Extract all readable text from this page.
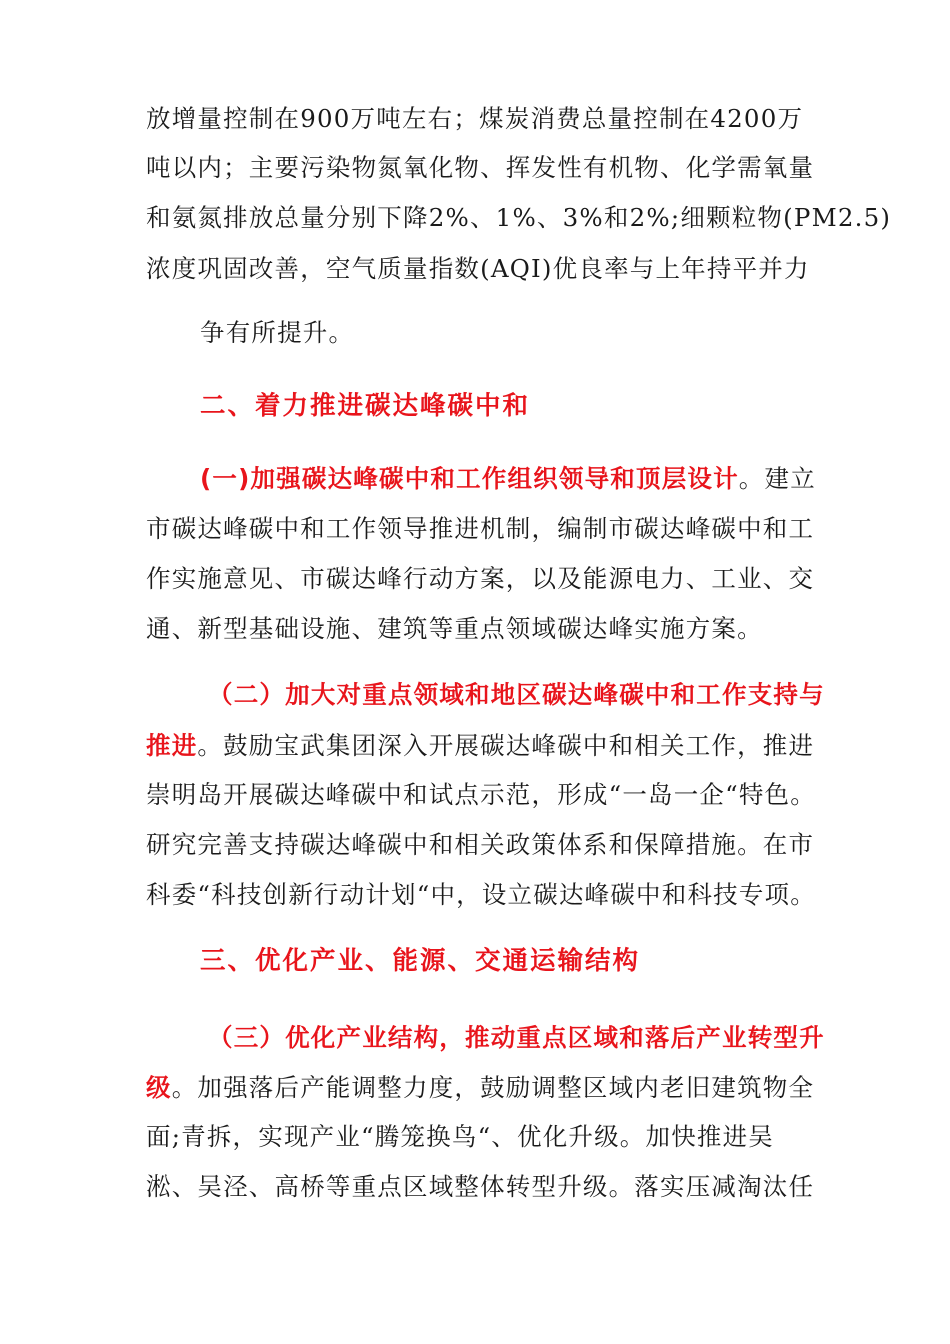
放增量控制在900万吨左右；煤炭消费总量控制在4200万
吨以内；主要污染物氮氧化物、挥发性有机物、化学需氧量
和氨氮排放总量分别下降2%、1%、3%和2%;细颗粒物(PM2.5)
浓度巩固改善，空气质量指数(AQI)优良率与上年持平并力
争有所提升。
二、着力推进碳达峰碳中和
(一)加强碳达峰碳中和工作组织领导和顶层设计。建立
市碳达峰碳中和工作领导推进机制，编制市碳达峰碳中和工
作实施意见、市碳达峰行动方案，以及能源电力、工业、交
通、新型基础设施、建筑等重点领域碳达峰实施方案。
（二）加大对重点领域和地区碳达峰碳中和工作支持与
推进。鼓励宝武集团深入开展碳达峰碳中和相关工作，推进
崇明岛开展碳达峰碳中和试点示范，形成“一岛一企“特色。
研究完善支持碳达峰碳中和相关政策体系和保障措施。在市
科委“科技创新行动计划“中，设立碳达峰碳中和科技专项。
三、优化产业、能源、交通运输结构
（三）优化产业结构，推动重点区域和落后产业转型升
级。加强落后产能调整力度，鼓励调整区域内老旧建筑物全
面;青拆，实现产业“腾笼换鸟“、优化升级。加快推进吴
淞、吴泾、高桥等重点区域整体转型升级。落实压减淘汰任
